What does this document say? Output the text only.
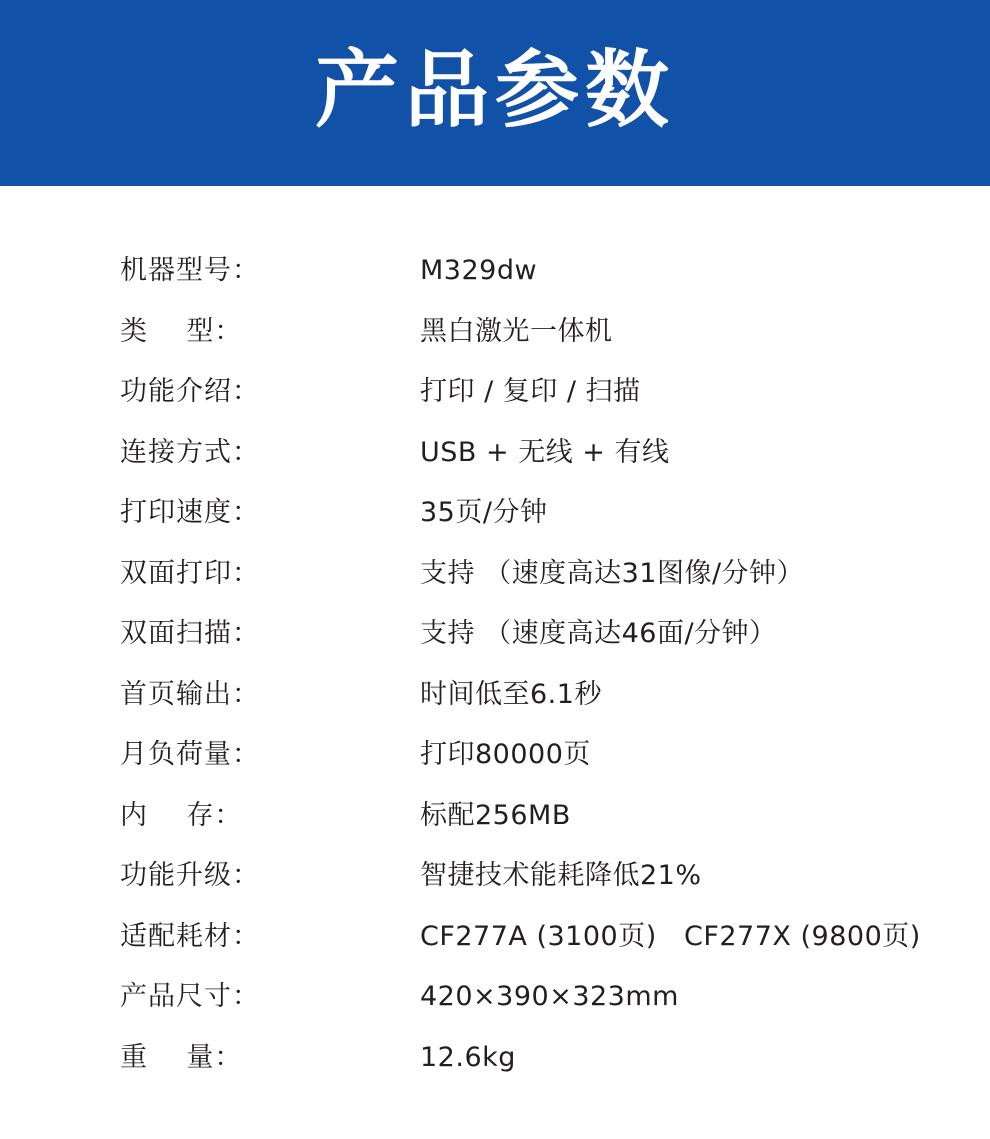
产品参数
机器型号：	M329dw
类    型：	黑白激光一体机
功能介绍：	打印 / 复印 / 扫描
连接方式：	USB + 无线 + 有线
打印速度：	35页/分钟
双面打印：	支持 （速度高达31图像/分钟）
双面扫描：	支持 （速度高达46面/分钟）
首页输出：	时间低至6.1秒
月负荷量：	打印80000页
内    存：	标配256MB
功能升级：	智捷技术能耗降低21%
适配耗材：	CF277A (3100页)   CF277X (9800页)
产品尺寸：	420×390×323mm
重    量：	12.6kg
